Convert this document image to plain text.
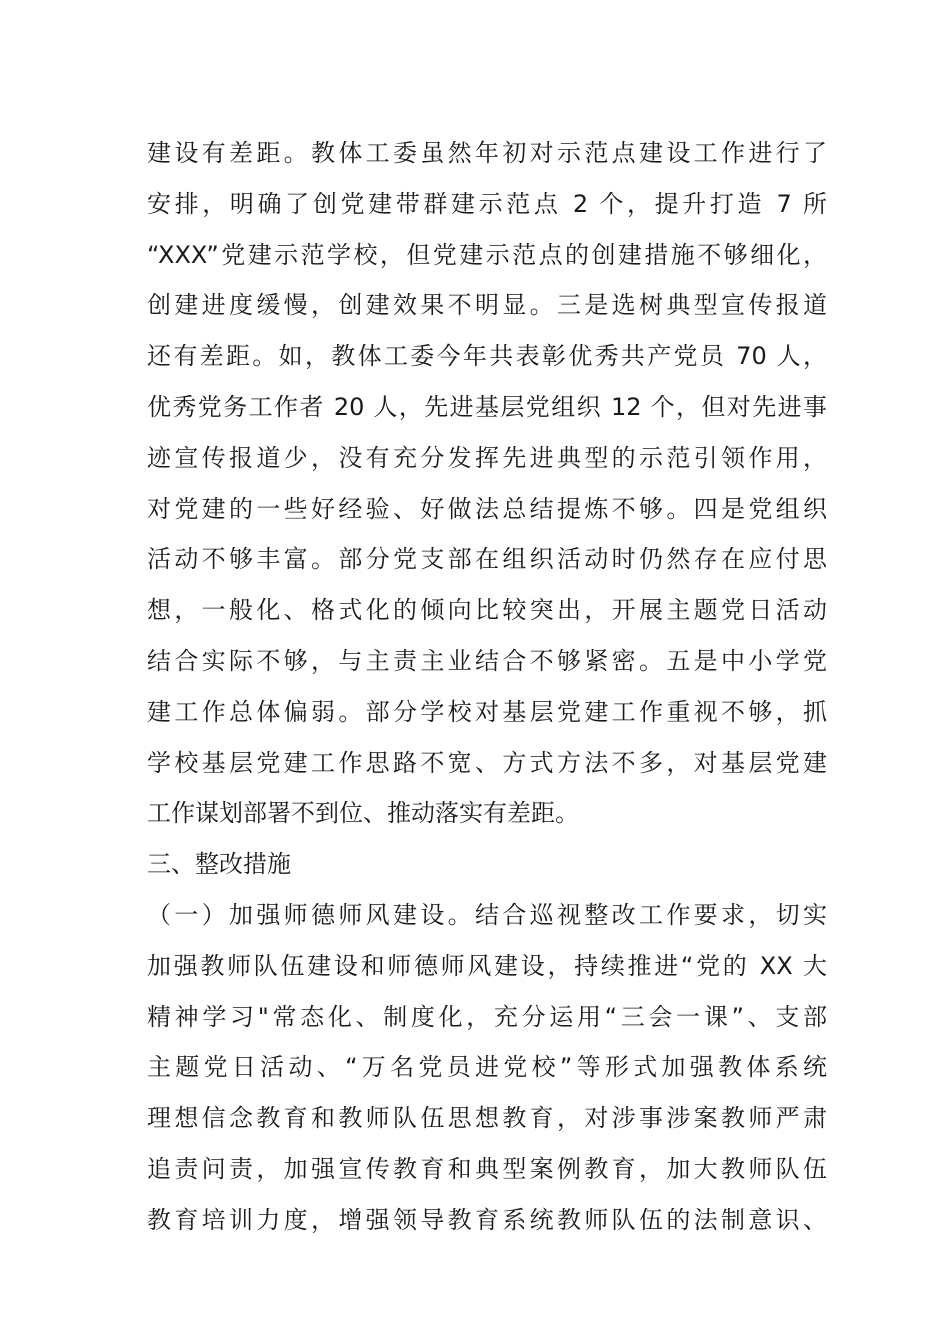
建设有差距。教体工委虽然年初对示范点建设工作进行了
安排，明确了创党建带群建示范点 2 个，提升打造 7 所
“XXX”党建示范学校，但党建示范点的创建措施不够细化，
创建进度缓慢，创建效果不明显。三是选树典型宣传报道
还有差距。如，教体工委今年共表彰优秀共产党员 70 人，
优秀党务工作者 20 人，先进基层党组织 12 个，但对先进事
迹宣传报道少，没有充分发挥先进典型的示范引领作用，
对党建的一些好经验、好做法总结提炼不够。四是党组织
活动不够丰富。部分党支部在组织活动时仍然存在应付思
想，一般化、格式化的倾向比较突出，开展主题党日活动
结合实际不够，与主责主业结合不够紧密。五是中小学党
建工作总体偏弱。部分学校对基层党建工作重视不够，抓
学校基层党建工作思路不宽、方式方法不多，对基层党建
工作谋划部署不到位、推动落实有差距。
三、整改措施
（一）加强师德师风建设。结合巡视整改工作要求，切实
加强教师队伍建设和师德师风建设，持续推进“党的 XX 大
精神学习"常态化、制度化，充分运用“三会一课”、支部
主题党日活动、“万名党员进党校”等形式加强教体系统
理想信念教育和教师队伍思想教育，对涉事涉案教师严肃
追责问责，加强宣传教育和典型案例教育，加大教师队伍
教育培训力度，增强领导教育系统教师队伍的法制意识、
